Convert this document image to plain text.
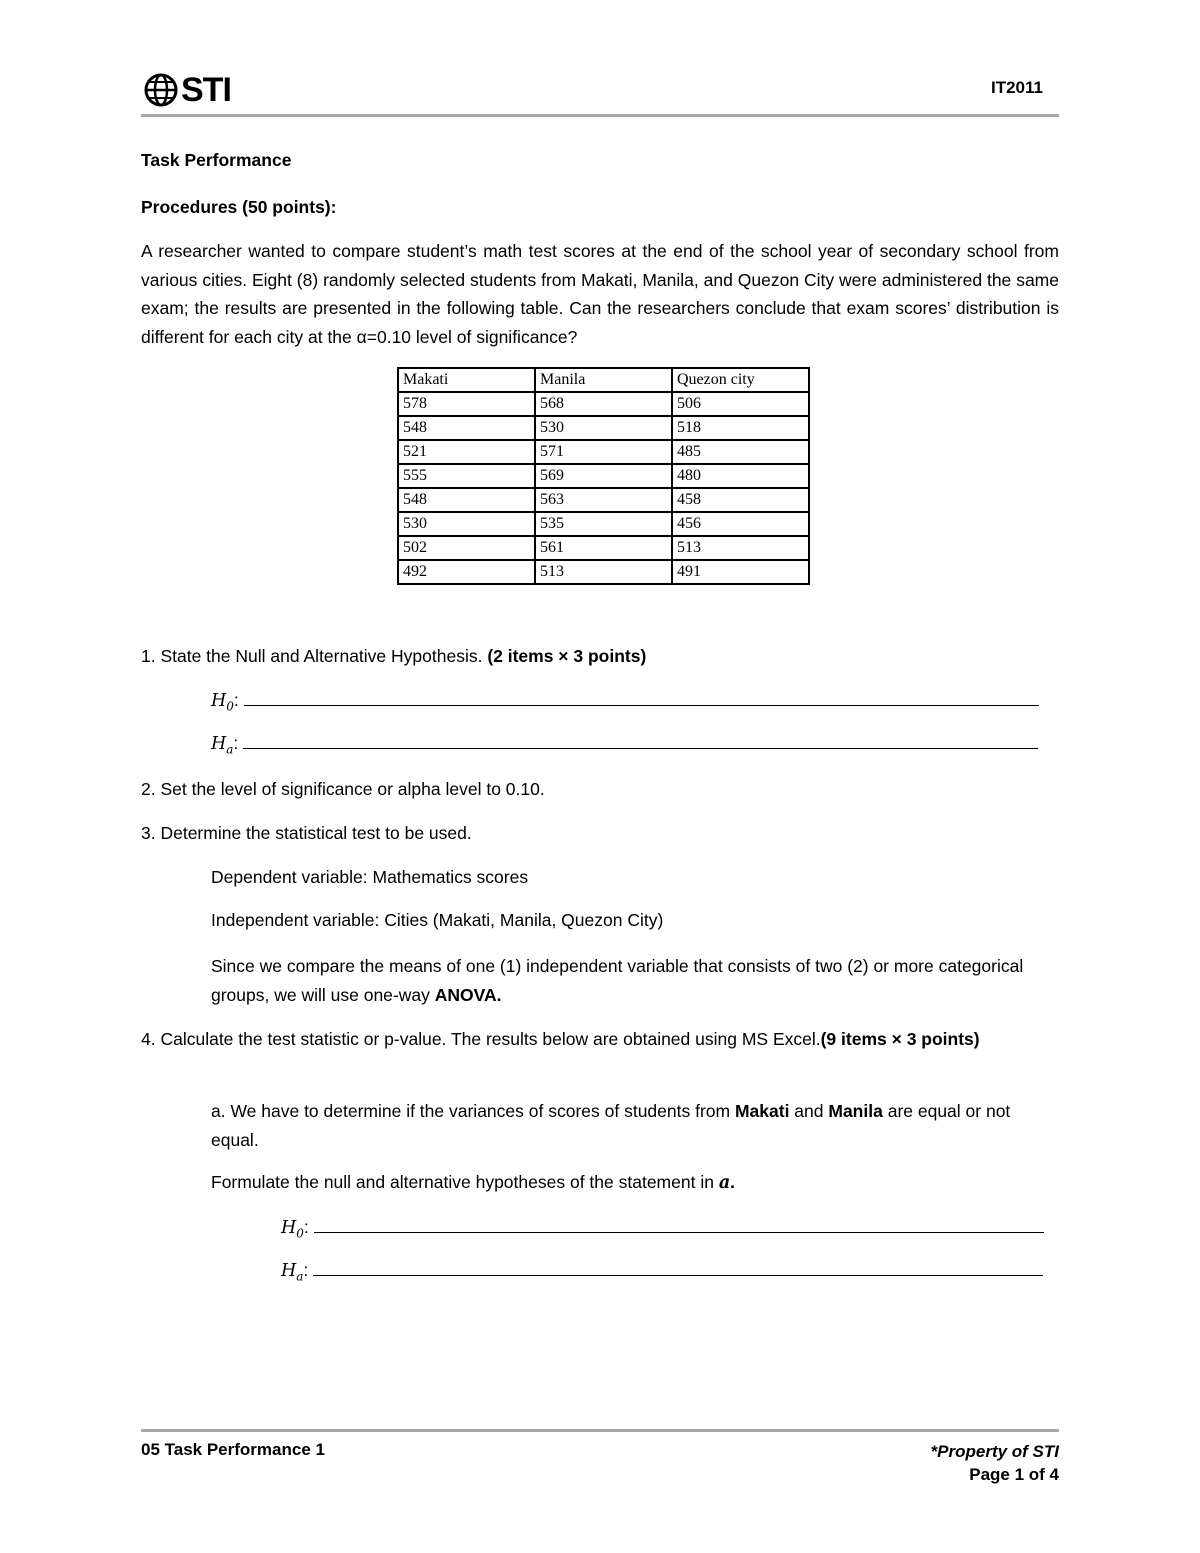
STI	IT2011
Task Performance
Procedures (50 points):
A researcher wanted to compare student’s math test scores at the end of the school year of secondary school from various cities. Eight (8) randomly selected students from Makati, Manila, and Quezon City were administered the same exam; the results are presented in the following table. Can the researchers conclude that exam scores’ distribution is different for each city at the α=0.10 level of significance?
Makati	Manila	Quezon city
578	568	506
548	530	518
521	571	485
555	569	480
548	563	458
530	535	456
502	561	513
492	513	491
1. State the Null and Alternative Hypothesis. (2 items × 3 points)
$H_0$:
$H_a$:
2. Set the level of significance or alpha level to 0.10.
3. Determine the statistical test to be used.
Dependent variable: Mathematics scores
Independent variable: Cities (Makati, Manila, Quezon City)
Since we compare the means of one (1) independent variable that consists of two (2) or more categorical groups, we will use one-way ANOVA.
4. Calculate the test statistic or p-value. The results below are obtained using MS Excel.(9 items × 3 points)
a. We have to determine if the variances of scores of students from Makati and Manila are equal or not equal.
Formulate the null and alternative hypotheses of the statement in a.
$H_0$:
$H_a$:
05 Task Performance 1	*Property of STI
Page 1 of 4
